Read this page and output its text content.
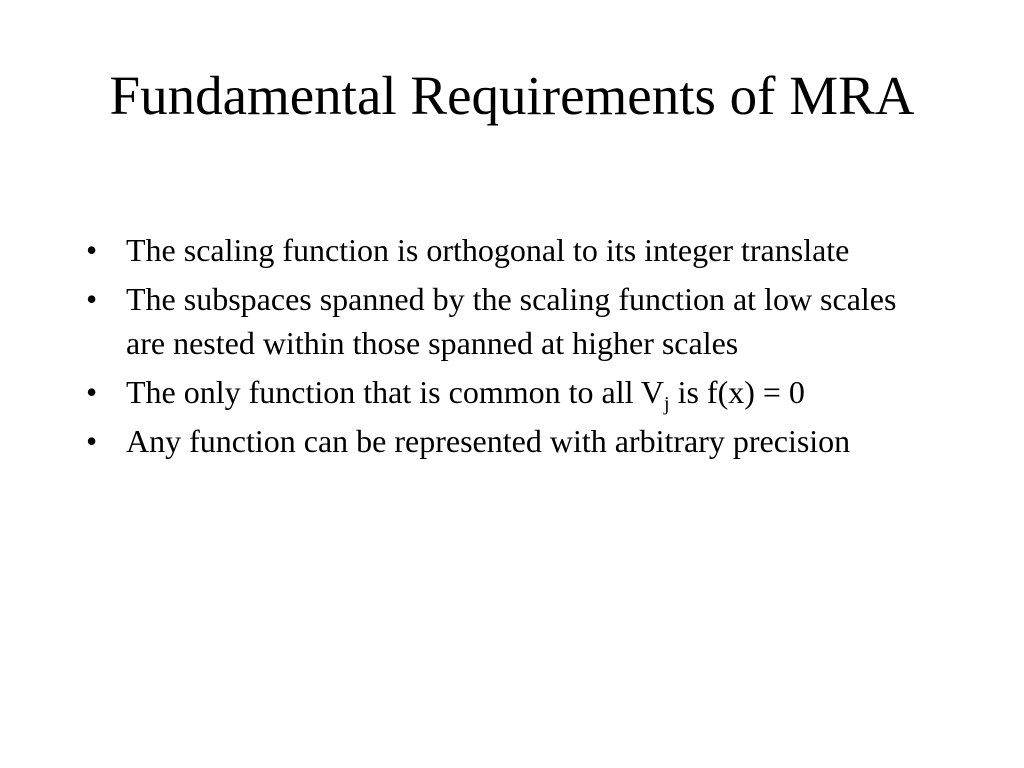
Fundamental Requirements of MRA
• The scaling function is orthogonal to its integer translate
• The subspaces spanned by the scaling function at low scales are nested within those spanned at higher scales
• The only function that is common to all $V_j$ is f(x) = 0
• Any function can be represented with arbitrary precision
